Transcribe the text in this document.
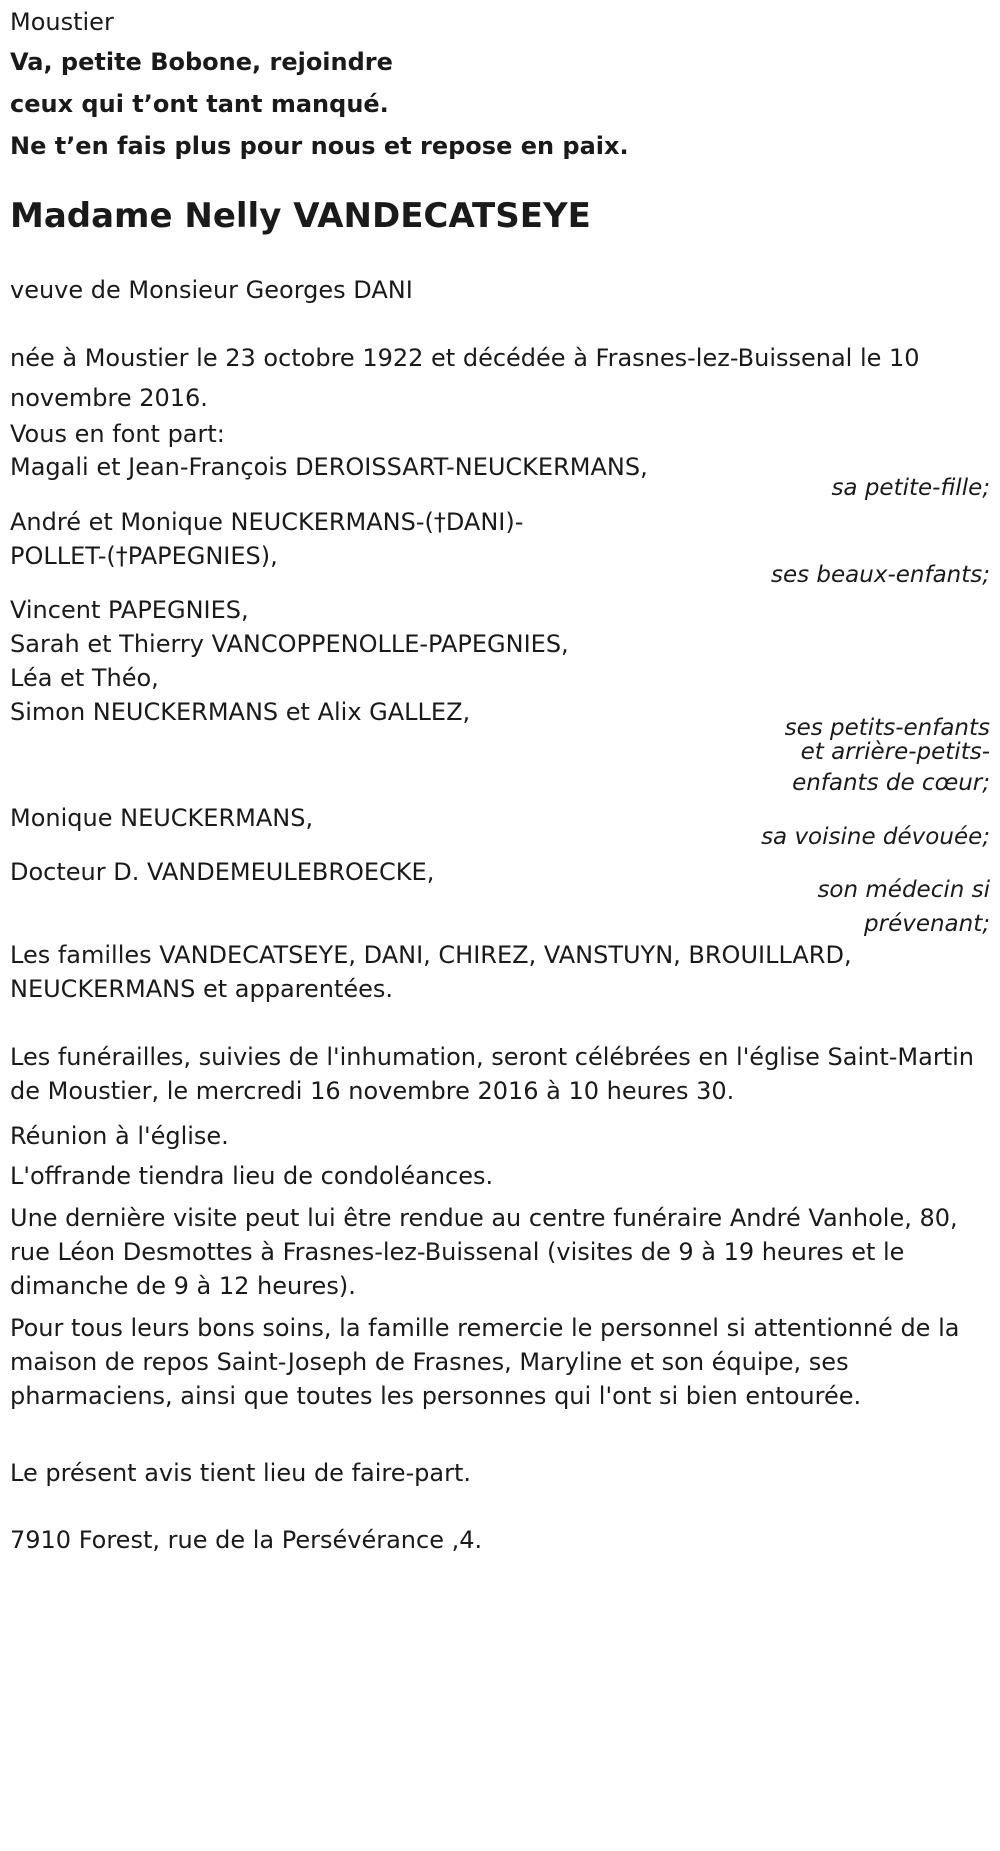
Moustier
Va, petite Bobone, rejoindre
ceux qui t’ont tant manqué.
Ne t’en fais plus pour nous et repose en paix.
Madame Nelly VANDECATSEYE
veuve de Monsieur Georges DANI
née à Moustier le 23 octobre 1922 et décédée à Frasnes-lez-Buissenal le 10 novembre 2016.
Vous en font part:
Magali et Jean-François DEROISSART-NEUCKERMANS,
sa petite-fille;
André et Monique NEUCKERMANS-(†DANI)-
POLLET-(†PAPEGNIES),
ses beaux-enfants;
Vincent PAPEGNIES,
Sarah et Thierry VANCOPPENOLLE-PAPEGNIES,
Léa et Théo,
Simon NEUCKERMANS et Alix GALLEZ,
ses petits-enfants
et arrière-petits-
enfants de cœur;
Monique NEUCKERMANS,
sa voisine dévouée;
Docteur D. VANDEMEULEBROECKE,
son médecin si
prévenant;
Les familles VANDECATSEYE, DANI, CHIREZ, VANSTUYN, BROUILLARD, NEUCKERMANS et apparentées.
Les funérailles, suivies de l'inhumation, seront célébrées en l'église Saint-Martin de Moustier, le mercredi 16 novembre 2016 à 10 heures 30.
Réunion à l'église.
L'offrande tiendra lieu de condoléances.
Une dernière visite peut lui être rendue au centre funéraire André Vanhole, 80, rue Léon Desmottes à Frasnes-lez-Buissenal (visites de 9 à 19 heures et le dimanche de 9 à 12 heures).
Pour tous leurs bons soins, la famille remercie le personnel si attentionné de la maison de repos Saint-Joseph de Frasnes, Maryline et son équipe, ses pharmaciens, ainsi que toutes les personnes qui l'ont si bien entourée.
Le présent avis tient lieu de faire-part.
7910 Forest, rue de la Persévérance ,4.
